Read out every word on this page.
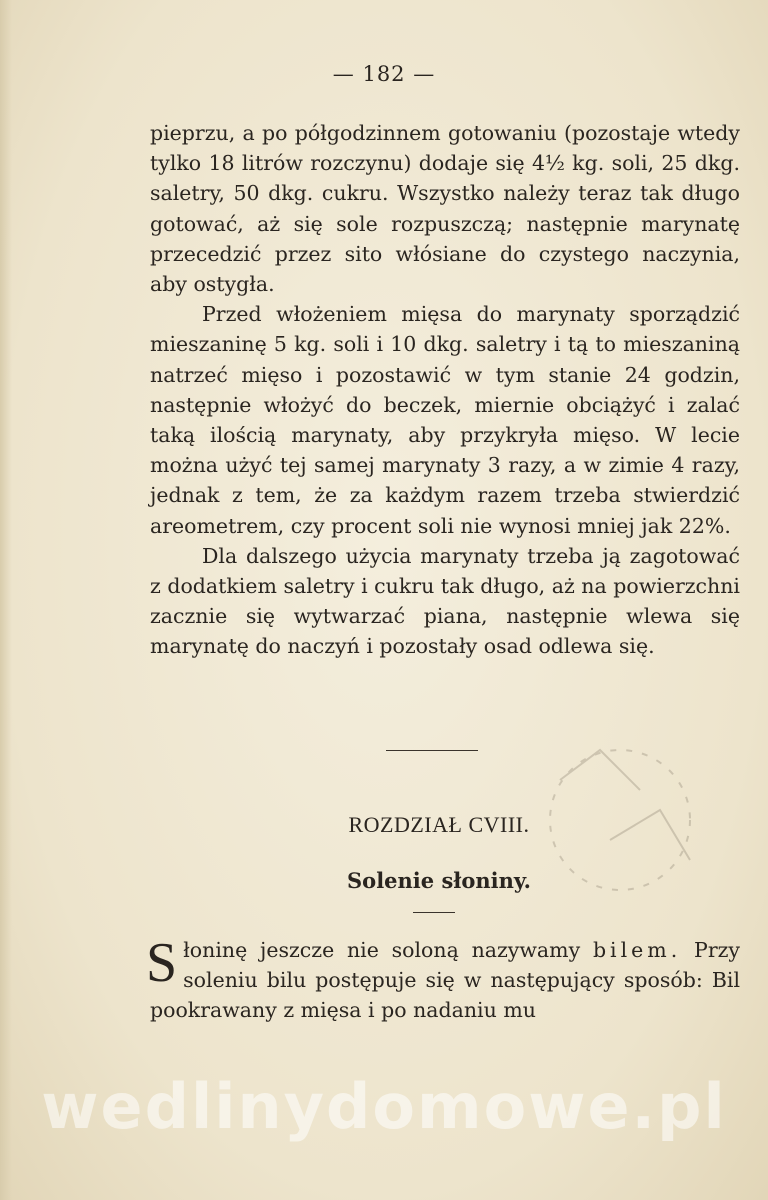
— 182 —

pieprzu, a po półgodzinnem gotowaniu (pozostaje wtedy tylko 18 litrów rozczynu) dodaje się 4½ kg. soli, 25 dkg. saletry, 50 dkg. cukru. Wszystko należy teraz tak długo gotować, aż się sole rozpuszczą; następnie marynatę przecedzić przez sito włósiane do czystego naczynia, aby ostygła.

Przed włożeniem mięsa do marynaty sporządzić mieszaninę 5 kg. soli i 10 dkg. saletry i tą to mieszaniną natrzeć mięso i pozostawić w tym stanie 24 godzin, następnie włożyć do beczek, miernie obciążyć i zalać taką ilością marynaty, aby przykryła mięso. W lecie można użyć tej samej marynaty 3 razy, a w zimie 4 razy, jednak z tem, że za każdym razem trzeba stwierdzić areometrem, czy procent soli nie wynosi mniej jak 22%.

Dla dalszego użycia marynaty trzeba ją zagotować z dodatkiem saletry i cukru tak długo, aż na powierzchni zacznie się wytwarzać piana, następnie wlewa się marynatę do naczyń i pozostały osad odlewa się.

ROZDZIAŁ CVIII.
Solenie słoniny.

Słoninę jeszcze nie soloną nazywamy bilem. Przy soleniu bilu postępuje się w następujący sposób: Bil pookrawany z mięsa i po nadaniu mu

wedlinydomowe.pl
